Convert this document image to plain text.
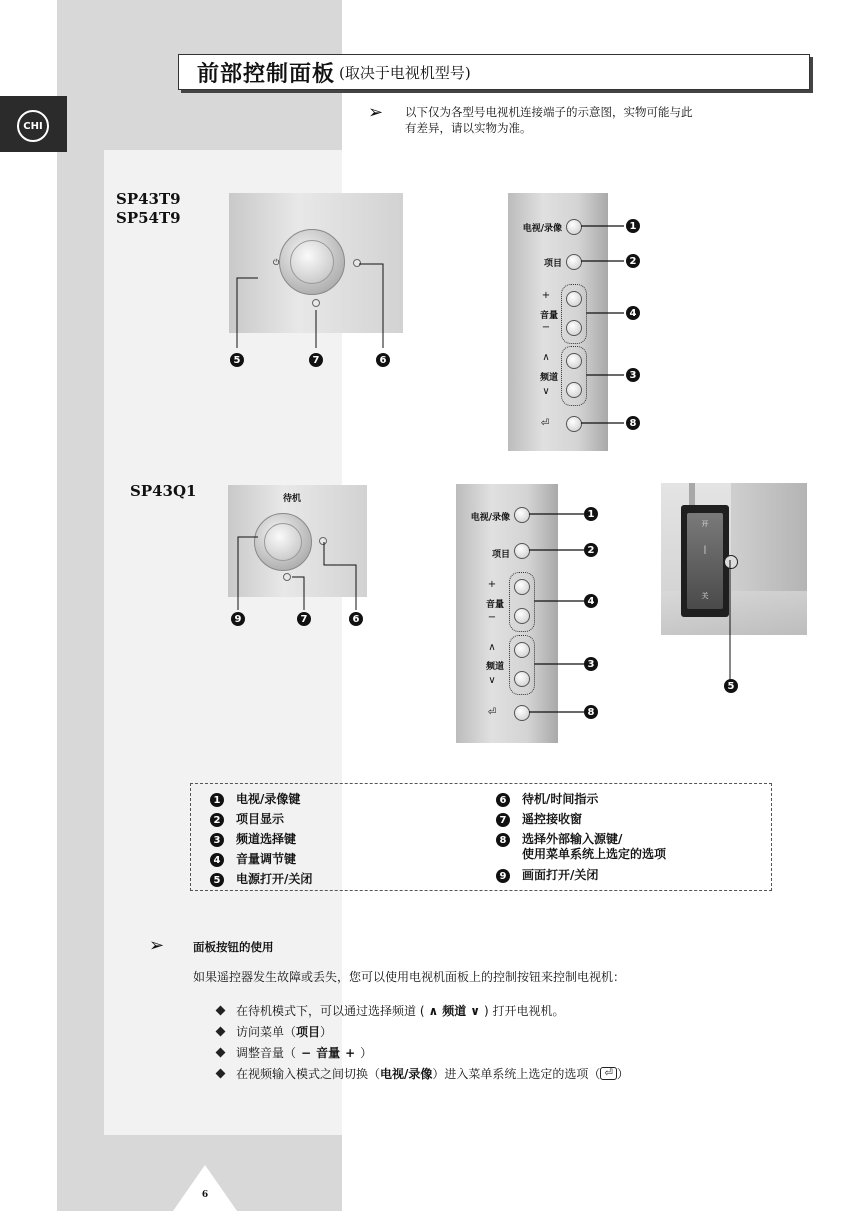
CHI
前部控制面板 (取决于电视机型号)
➢ 以下仅为各型号电视机连接端子的示意图，实物可能与此
有差异，请以实物为准。
SP43T9
SP54T9
⏻
5	7	6
电视/录像
项目
+
音量
−
∧
频道
∨
⏎
1
2
4
3
8
SP43Q1	待机
9	7	6
电视/录像
项目
+
音量
−
∧
频道
∨
⏎
1
2
4
3
8
开
|
关
5
1 电视/录像键
2 项目显示
3 频道选择键
4 音量调节键
5 电源打开/关闭
6 待机/时间指示
7 遥控接收窗
8 选择外部输入源键/
使用菜单系统上选定的选项
9 画面打开/关闭
➢	面板按钮的使用
如果遥控器发生故障或丢失，您可以使用电视机面板上的控制按钮来控制电视机：
在待机模式下，可以通过选择频道 ( ∧ 频道 ∨ ) 打开电视机。
访问菜单（ 项目 ）
调整音量（ − 音量 + ）
在视频输入模式之间切换（ 电视/录像 ）进入菜单系统上选定的选项（ ⏎ ）
6
